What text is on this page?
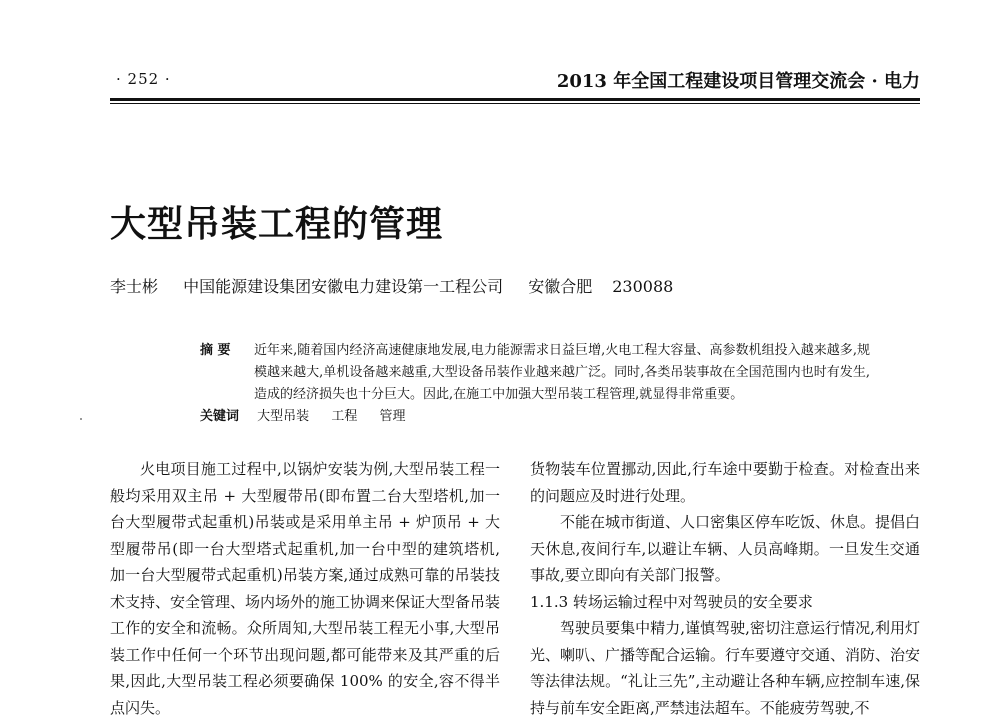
· 252 ·	2013 年全国工程建设项目管理交流会 · 电力
大型吊装工程的管理
李士彬 中国能源建设集团安徽电力建设第一工程公司 安徽合肥 230088
摘 要 近年来,随着国内经济高速健康地发展,电力能源需求日益巨增,火电工程大容量、高参数机组投入越来越多,规模越来越大,单机设备越来越重,大型设备吊装作业越来越广泛。同时,各类吊装事故在全国范围内也时有发生,造成的经济损失也十分巨大。因此,在施工中加强大型吊装工程管理,就显得非常重要。
关键词 大型吊装 工程 管理

火电项目施工过程中,以锅炉安装为例,大型吊装工程一般均采用双主吊 + 大型履带吊(即布置二台大型塔机,加一台大型履带式起重机)吊装或是采用单主吊 + 炉顶吊 + 大型履带吊(即一台大型塔式起重机,加一台中型的建筑塔机,加一台大型履带式起重机)吊装方案,通过成熟可靠的吊装技术支持、安全管理、场内场外的施工协调来保证大型备吊装工作的安全和流畅。众所周知,大型吊装工程无小事,大型吊装工作中任何一个环节出现问题,都可能带来及其严重的后果,因此,大型吊装工程必须要确保 100% 的安全,容不得半点闪失。

货物装车位置挪动,因此,行车途中要勤于检查。对检查出来的问题应及时进行处理。

不能在城市街道、人口密集区停车吃饭、休息。提倡白天休息,夜间行车,以避让车辆、人员高峰期。一旦发生交通事故,要立即向有关部门报警。

1.1.3 转场运输过程中对驾驶员的安全要求

驾驶员要集中精力,谨慎驾驶,密切注意运行情况,利用灯光、喇叭、广播等配合运输。行车要遵守交通、消防、治安等法律法规。“礼让三先”,主动避让各种车辆,应控制车速,保持与前车安全距离,严禁违法超车。不能疲劳驾驶,不
